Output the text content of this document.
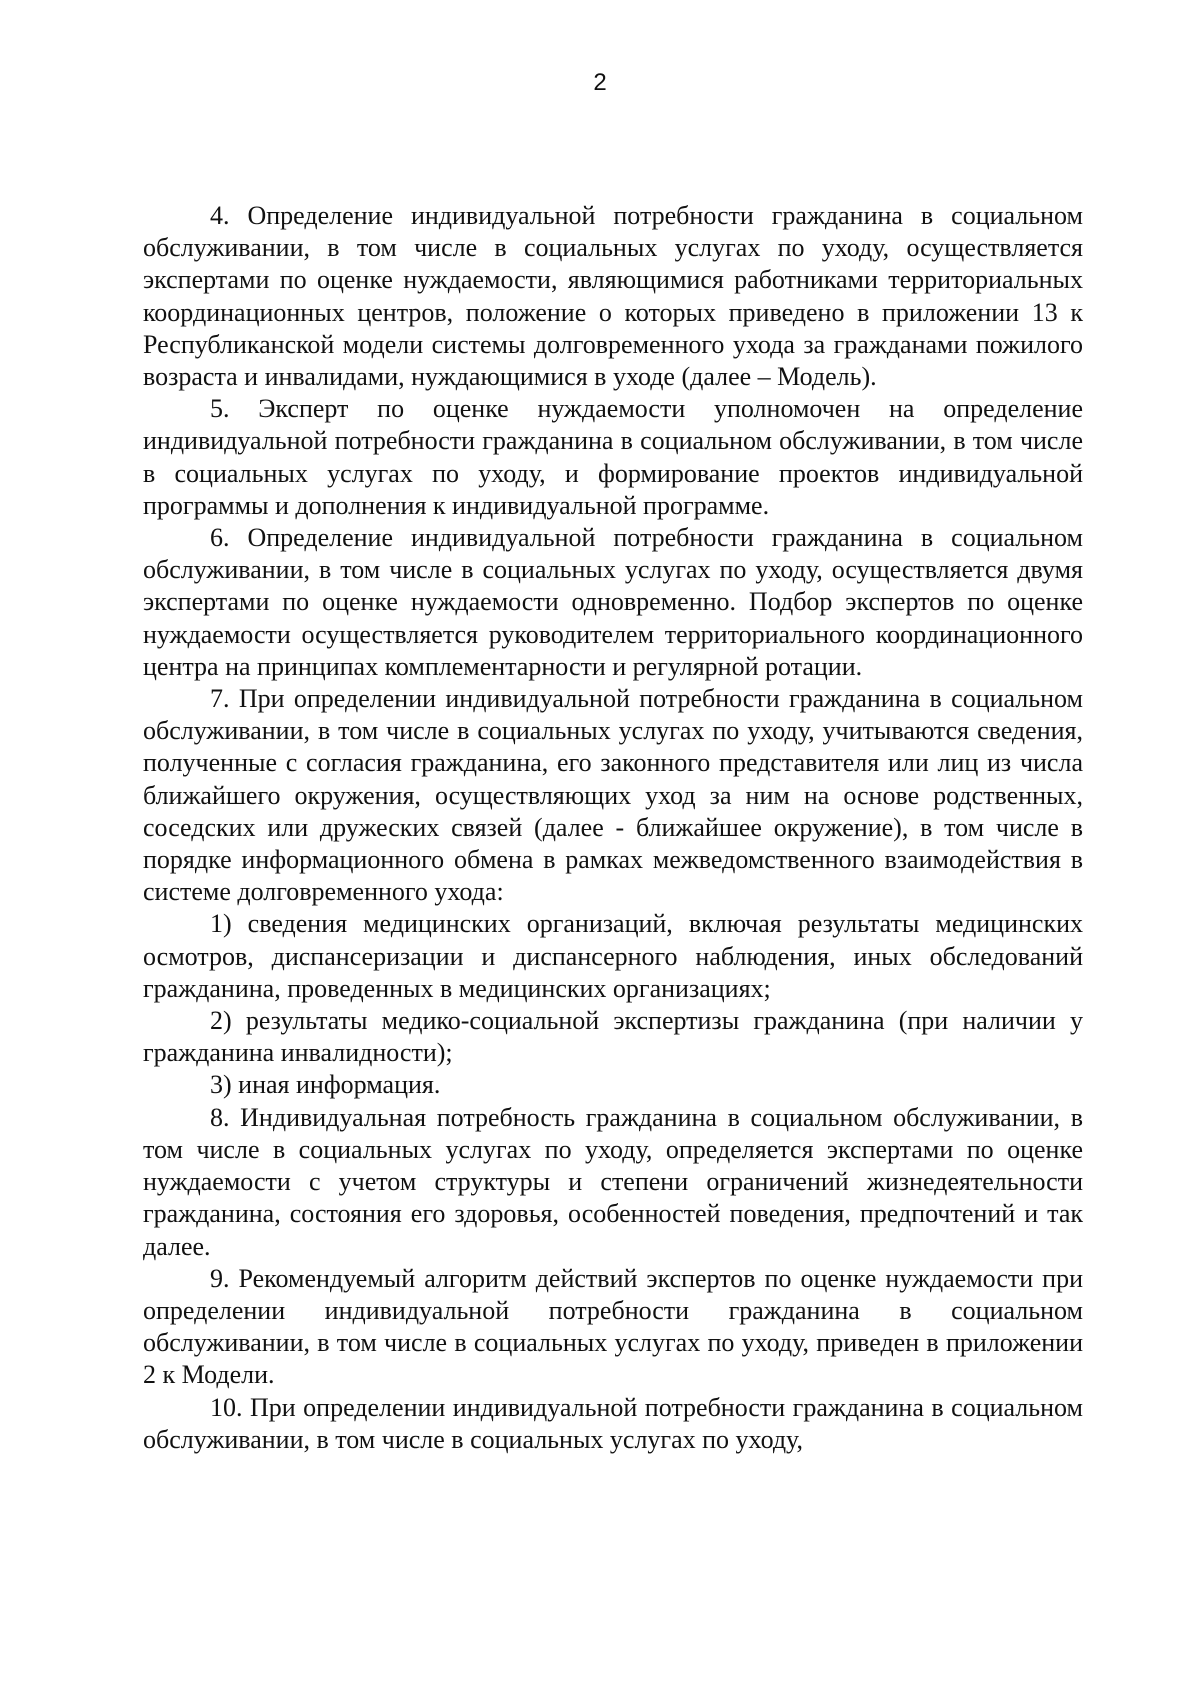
2

4. Определение индивидуальной потребности гражданина в социальном обслуживании, в том числе в социальных услугах по уходу, осуществляется экспертами по оценке нуждаемости, являющимися работниками территориальных координационных центров, положение о которых приведено в приложении 13 к Республиканской модели системы долговременного ухода за гражданами пожилого возраста и инвалидами, нуждающимися в уходе (далее – Модель).

5. Эксперт по оценке нуждаемости уполномочен на определение индивидуальной потребности гражданина в социальном обслуживании, в том числе в социальных услугах по уходу, и формирование проектов индивидуальной программы и дополнения к индивидуальной программе.

6. Определение индивидуальной потребности гражданина в социальном обслуживании, в том числе в социальных услугах по уходу, осуществляется двумя экспертами по оценке нуждаемости одновременно. Подбор экспертов по оценке нуждаемости осуществляется руководителем территориального координационного центра на принципах комплементарности и регулярной ротации.

7. При определении индивидуальной потребности гражданина в социальном обслуживании, в том числе в социальных услугах по уходу, учитываются сведения, полученные с согласия гражданина, его законного представителя или лиц из числа ближайшего окружения, осуществляющих уход за ним на основе родственных, соседских или дружеских связей (далее - ближайшее окружение), в том числе в порядке информационного обмена в рамках межведомственного взаимодействия в системе долговременного ухода:

1) сведения медицинских организаций, включая результаты медицинских осмотров, диспансеризации и диспансерного наблюдения, иных обследований гражданина, проведенных в медицинских организациях;

2) результаты медико-социальной экспертизы гражданина (при наличии у гражданина инвалидности);

3) иная информация.

8. Индивидуальная потребность гражданина в социальном обслуживании, в том числе в социальных услугах по уходу, определяется экспертами по оценке нуждаемости с учетом структуры и степени ограничений жизнедеятельности гражданина, состояния его здоровья, особенностей поведения, предпочтений и так далее.

9. Рекомендуемый алгоритм действий экспертов по оценке нуждаемости при определении индивидуальной потребности гражданина в социальном обслуживании, в том числе в социальных услугах по уходу, приведен в приложении 2 к Модели.

10. При определении индивидуальной потребности гражданина в социальном обслуживании, в том числе в социальных услугах по уходу,
